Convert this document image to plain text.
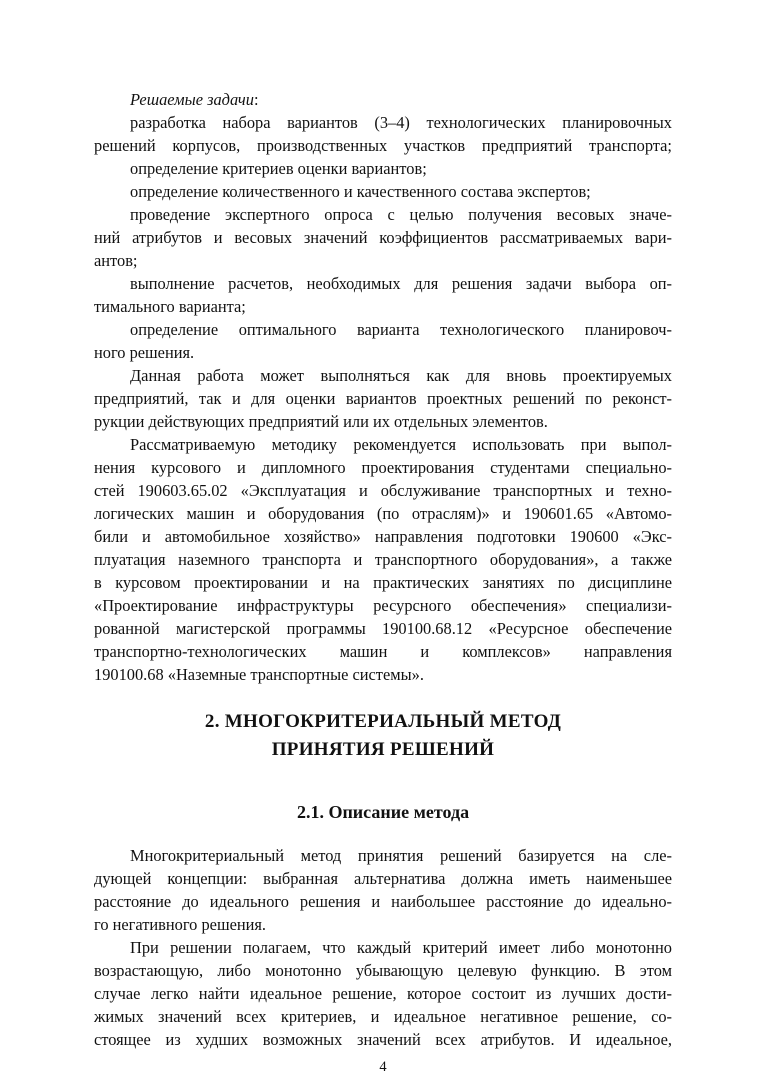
Решаемые задачи:
разработка набора вариантов (3–4) технологических планировочных
решений корпусов, производственных участков предприятий транспорта;
определение критериев оценки вариантов;
определение количественного и качественного состава экспертов;
проведение экспертного опроса с целью получения весовых значе-
ний атрибутов и весовых значений коэффициентов рассматриваемых вари-
антов;
выполнение расчетов, необходимых для решения задачи выбора оп-
тимального варианта;
определение оптимального варианта технологического планировоч-
ного решения.
Данная работа может выполняться как для вновь проектируемых
предприятий, так и для оценки вариантов проектных решений по реконст-
рукции действующих предприятий или их отдельных элементов.
Рассматриваемую методику рекомендуется использовать при выпол-
нения курсового и дипломного проектирования студентами специально-
стей 190603.65.02 «Эксплуатация и обслуживание транспортных и техно-
логических машин и оборудования (по отраслям)» и 190601.65 «Автомо-
били и автомобильное хозяйство» направления подготовки 190600 «Экс-
плуатация наземного транспорта и транспортного оборудования», а также
в курсовом проектировании и на практических занятиях по дисциплине
«Проектирование инфраструктуры ресурсного обеспечения» специализи-
рованной магистерской программы 190100.68.12 «Ресурсное обеспечение
транспортно-технологических машин и комплексов» направления
190100.68 «Наземные транспортные системы».
2. МНОГОКРИТЕРИАЛЬНЫЙ МЕТОД
ПРИНЯТИЯ РЕШЕНИЙ
2.1. Описание метода
Многокритериальный метод принятия решений базируется на сле-
дующей концепции: выбранная альтернатива должна иметь наименьшее
расстояние до идеального решения и наибольшее расстояние до идеально-
го негативного решения.
При решении полагаем, что каждый критерий имеет либо монотонно
возрастающую, либо монотонно убывающую целевую функцию. В этом
случае легко найти идеальное решение, которое состоит из лучших дости-
жимых значений всех критериев, и идеальное негативное решение, со-
стоящее из худших возможных значений всех атрибутов. И идеальное,
4
